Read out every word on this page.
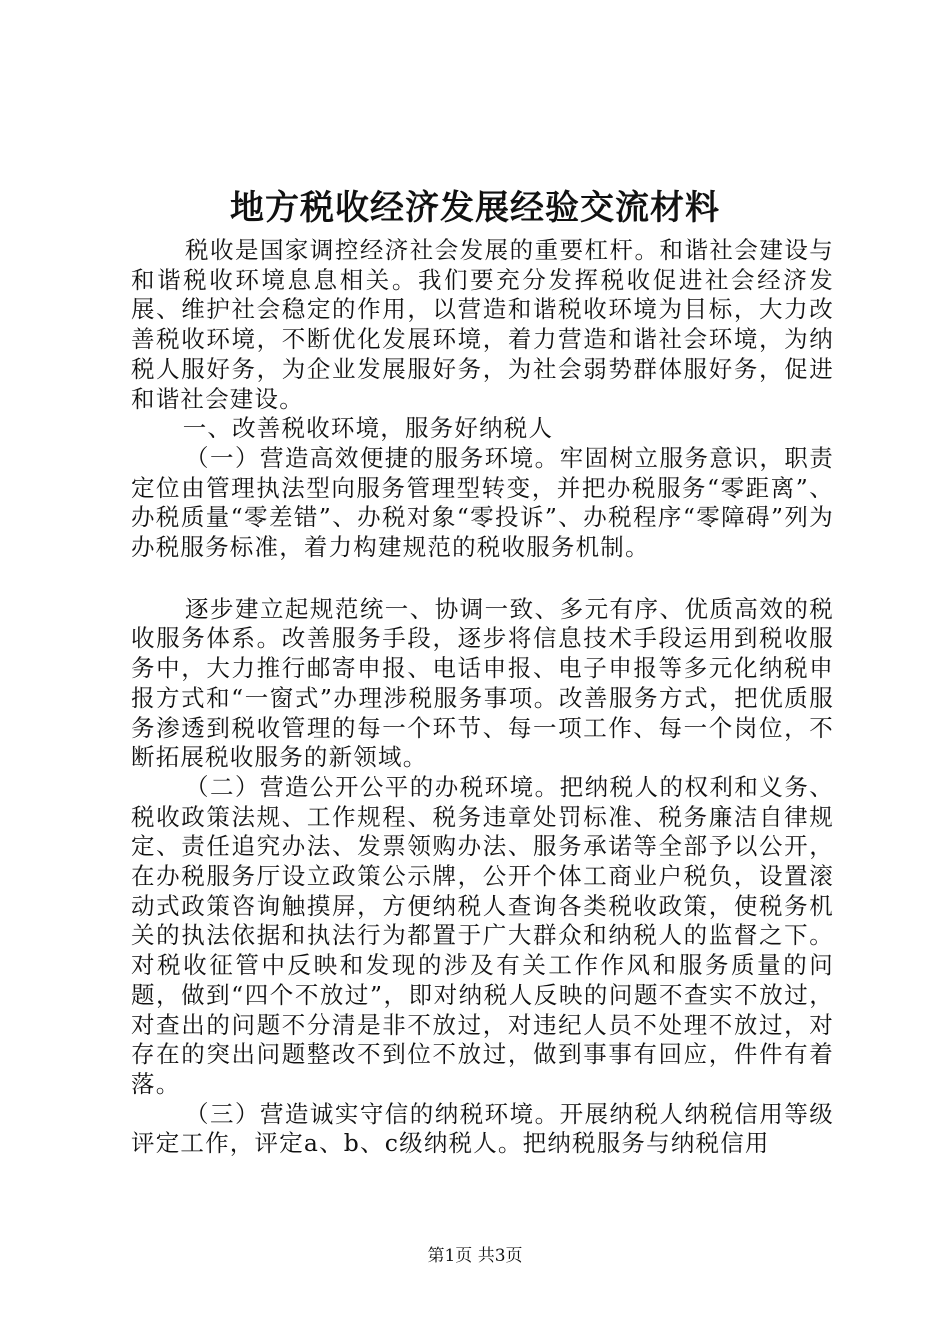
地方税收经济发展经验交流材料

税收是国家调控经济社会发展的重要杠杆。和谐社会建设与和谐税收环境息息相关。我们要充分发挥税收促进社会经济发展、维护社会稳定的作用，以营造和谐税收环境为目标，大力改善税收环境，不断优化发展环境，着力营造和谐社会环境，为纳税人服好务，为企业发展服好务，为社会弱势群体服好务，促进和谐社会建设。

一、改善税收环境，服务好纳税人

（一）营造高效便捷的服务环境。牢固树立服务意识，职责定位由管理执法型向服务管理型转变，并把办税服务“零距离”、办税质量“零差错”、办税对象“零投诉”、办税程序“零障碍”列为办税服务标准，着力构建规范的税收服务机制。

逐步建立起规范统一、协调一致、多元有序、优质高效的税收服务体系。改善服务手段，逐步将信息技术手段运用到税收服务中，大力推行邮寄申报、电话申报、电子申报等多元化纳税申报方式和“一窗式”办理涉税服务事项。改善服务方式，把优质服务渗透到税收管理的每一个环节、每一项工作、每一个岗位，不断拓展税收服务的新领域。

（二）营造公开公平的办税环境。把纳税人的权利和义务、税收政策法规、工作规程、税务违章处罚标准、税务廉洁自律规定、责任追究办法、发票领购办法、服务承诺等全部予以公开，在办税服务厅设立政策公示牌，公开个体工商业户税负，设置滚动式政策咨询触摸屏，方便纳税人查询各类税收政策，使税务机关的执法依据和执法行为都置于广大群众和纳税人的监督之下。对税收征管中反映和发现的涉及有关工作作风和服务质量的问题，做到“四个不放过”，即对纳税人反映的问题不查实不放过，对查出的问题不分清是非不放过，对违纪人员不处理不放过，对存在的突出问题整改不到位不放过，做到事事有回应，件件有着落。

（三）营造诚实守信的纳税环境。开展纳税人纳税信用等级评定工作，评定a、b、c级纳税人。把纳税服务与纳税信用

第1页 共3页
